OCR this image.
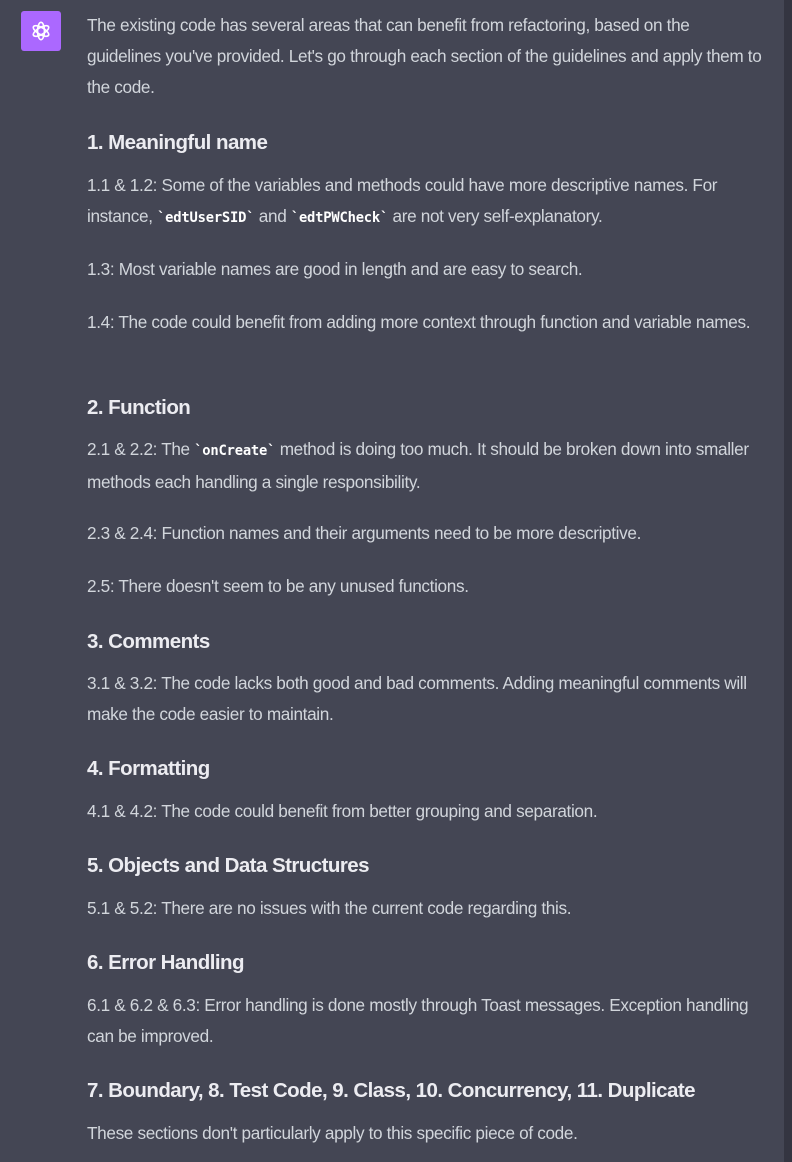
The existing code has several areas that can benefit from refactoring, based on the guidelines you've provided. Let's go through each section of the guidelines and apply them to the code.

1. Meaningful name

1.1 & 1.2: Some of the variables and methods could have more descriptive names. For instance, `edtUserSID` and `edtPWCheck` are not very self-explanatory.

1.3: Most variable names are good in length and are easy to search.

1.4: The code could benefit from adding more context through function and variable names.

2. Function

2.1 & 2.2: The `onCreate` method is doing too much. It should be broken down into smaller methods each handling a single responsibility.

2.3 & 2.4: Function names and their arguments need to be more descriptive.

2.5: There doesn't seem to be any unused functions.

3. Comments

3.1 & 3.2: The code lacks both good and bad comments. Adding meaningful comments will make the code easier to maintain.

4. Formatting

4.1 & 4.2: The code could benefit from better grouping and separation.

5. Objects and Data Structures

5.1 & 5.2: There are no issues with the current code regarding this.

6. Error Handling

6.1 & 6.2 & 6.3: Error handling is done mostly through Toast messages. Exception handling can be improved.

7. Boundary, 8. Test Code, 9. Class, 10. Concurrency, 11. Duplicate

These sections don't particularly apply to this specific piece of code.
